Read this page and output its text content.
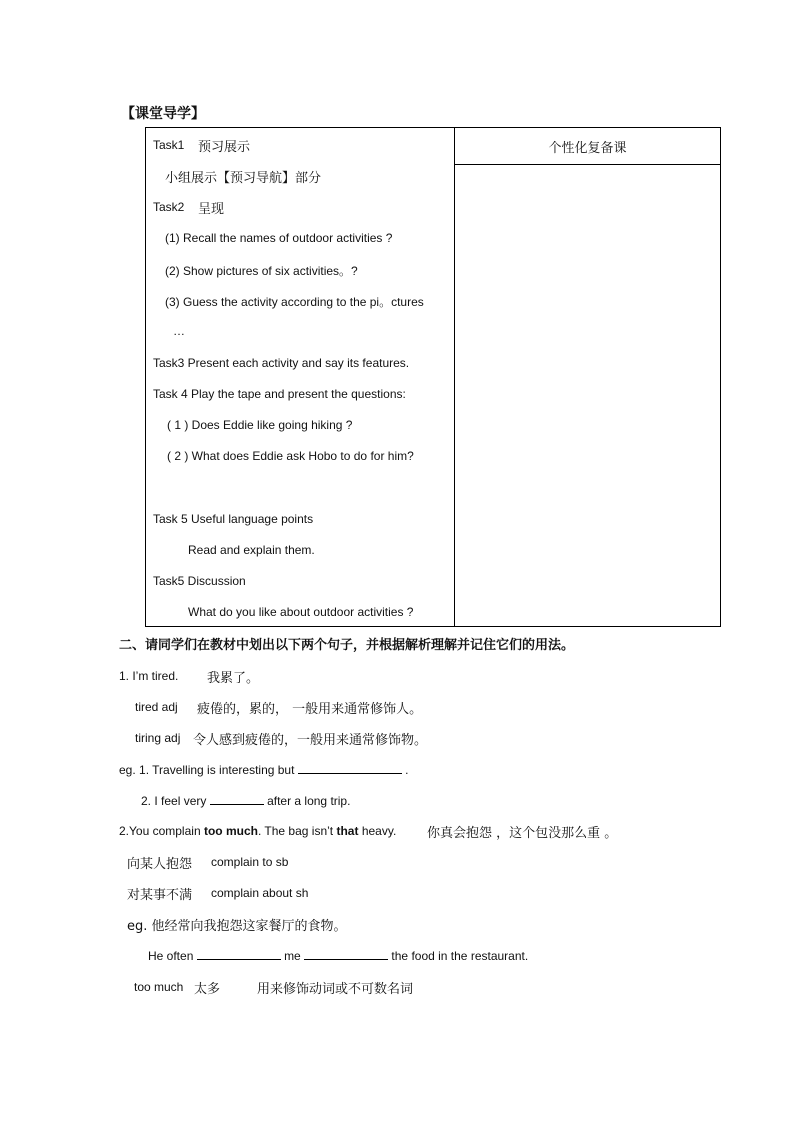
【课堂导学】
个性化复备课
Task1 预习展示
小组展示【预习导航】部分
Task2 呈现
(1) Recall the names of outdoor activities ?
(2) Show pictures of six activities。?
(3) Guess the activity according to the pi。ctures
…
Task3 Present each activity and say its features.
Task 4 Play the tape and present the questions:
( 1 ) Does Eddie like going hiking ?
( 2 ) What does Eddie ask Hobo to do for him?
Task 5 Useful language points
Read and explain them.
Task5 Discussion
What do you like about outdoor activities ?
二、请同学们在教材中划出以下两个句子，并根据解析理解并记住它们的用法。
1. I’m tired. 我累了。
tired adj 疲倦的，累的， 一般用来通常修饰人。
tiring adj 令人感到疲倦的，一般用来通常修饰物。
eg. 1. Travelling is interesting but	.
2. I feel very	after a long trip.
2.You complain too much. The bag isn’t that heavy. 你真会抱怨 ，这个包没那么重 。
向某人抱怨 complain to sb
对某事不满 complain about sh
eg. 他经常向我抱怨这家餐厅的食物。
He often	me	the food in the restaurant.
too much 太多	用来修饰动词或不可数名词
